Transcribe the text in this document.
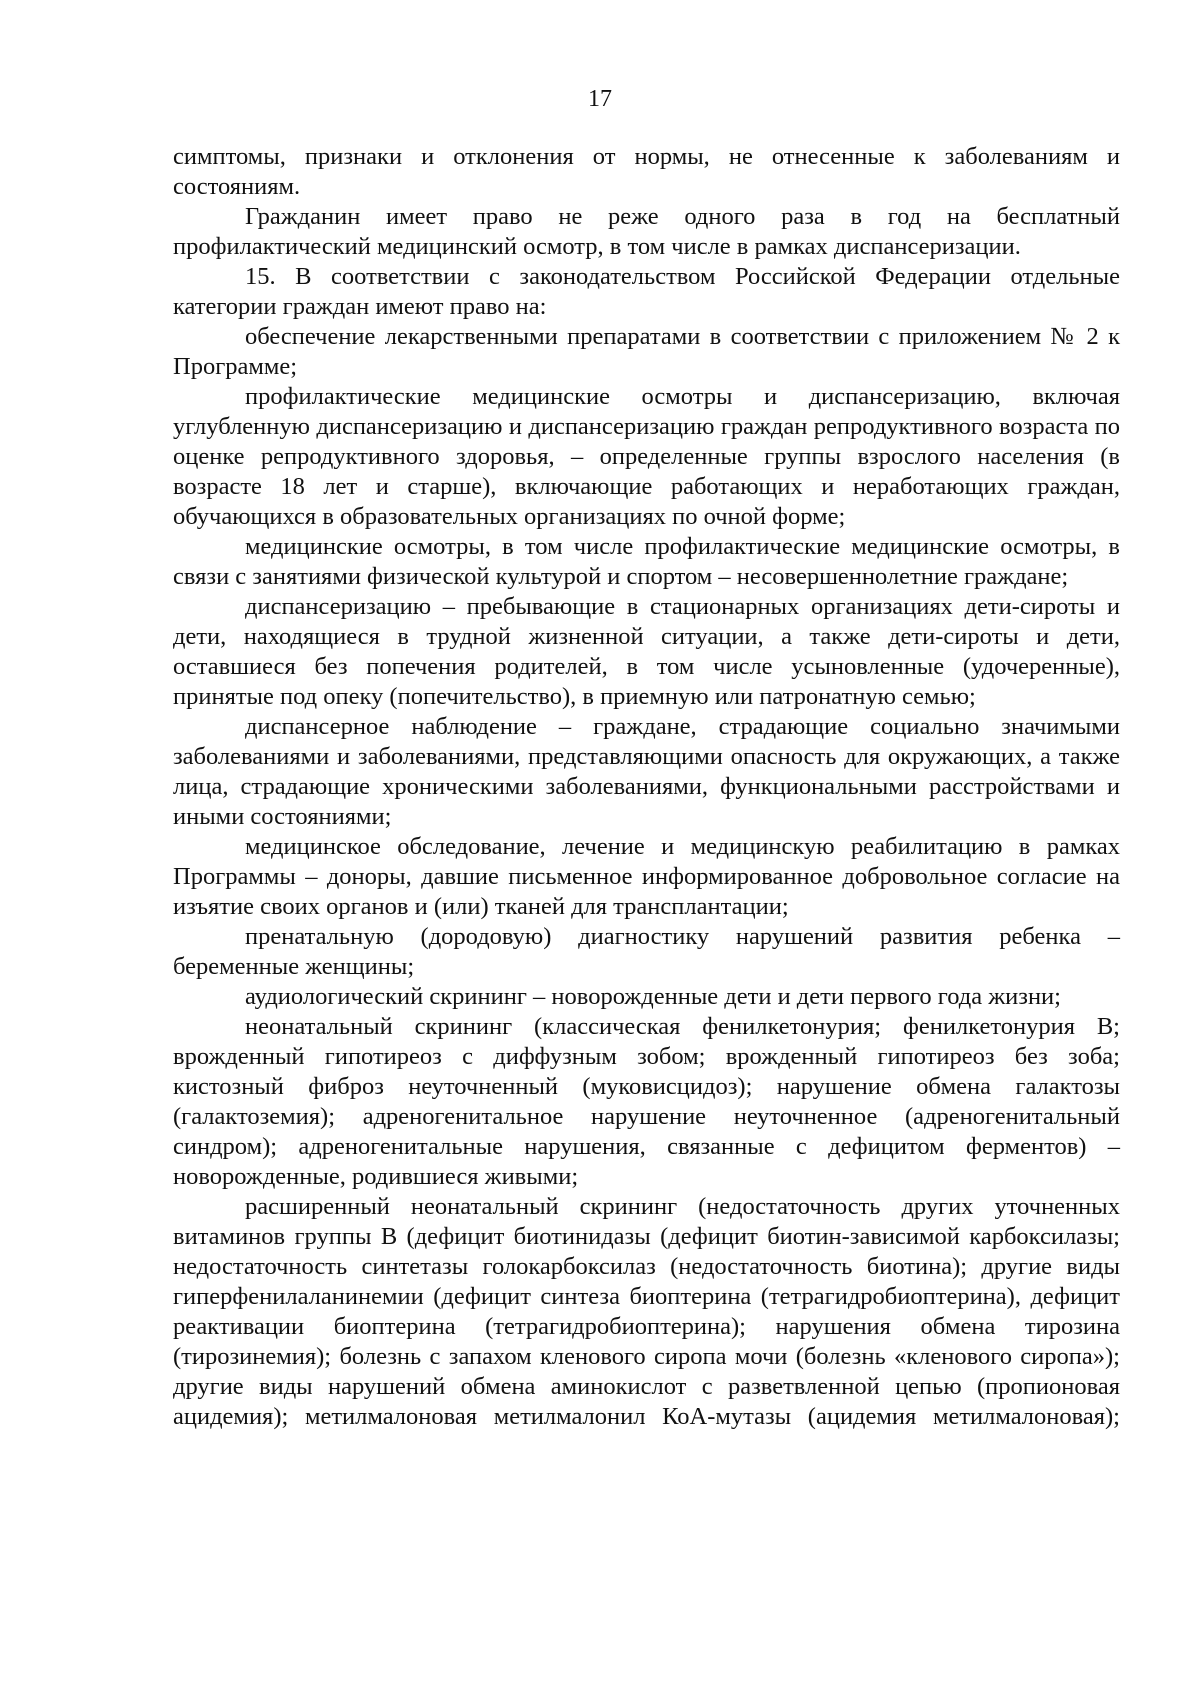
17

симптомы, признаки и отклонения от нормы, не отнесенные к заболеваниям и состояниям.

Гражданин имеет право не реже одного раза в год на бесплатный профилактический медицинский осмотр, в том числе в рамках диспансеризации.

15. В соответствии с законодательством Российской Федерации отдельные категории граждан имеют право на:

обеспечение лекарственными препаратами в соответствии с приложением № 2 к Программе;

профилактические медицинские осмотры и диспансеризацию, включая углубленную диспансеризацию и диспансеризацию граждан репродуктивного возраста по оценке репродуктивного здоровья, – определенные группы взрослого населения (в возрасте 18 лет и старше), включающие работающих и неработающих граждан, обучающихся в образовательных организациях по очной форме;

медицинские осмотры, в том числе профилактические медицинские осмотры, в связи с занятиями физической культурой и спортом – несовершеннолетние граждане;

диспансеризацию – пребывающие в стационарных организациях дети-сироты и дети, находящиеся в трудной жизненной ситуации, а также дети-сироты и дети, оставшиеся без попечения родителей, в том числе усыновленные (удочеренные), принятые под опеку (попечительство), в приемную или патронатную семью;

диспансерное наблюдение – граждане, страдающие социально значимыми заболеваниями и заболеваниями, представляющими опасность для окружающих, а также лица, страдающие хроническими заболеваниями, функциональными расстройствами и иными состояниями;

медицинское обследование, лечение и медицинскую реабилитацию в рамках Программы – доноры, давшие письменное информированное добровольное согласие на изъятие своих органов и (или) тканей для трансплантации;

пренатальную (дородовую) диагностику нарушений развития ребенка – беременные женщины;

аудиологический скрининг – новорожденные дети и дети первого года жизни;

неонатальный скрининг (классическая фенилкетонурия; фенилкетонурия B; врожденный гипотиреоз с диффузным зобом; врожденный гипотиреоз без зоба; кистозный фиброз неуточненный (муковисцидоз); нарушение обмена галактозы (галактоземия); адреногенитальное нарушение неуточненное (адреногенитальный синдром); адреногенитальные нарушения, связанные с дефицитом ферментов) – новорожденные, родившиеся живыми;

расширенный неонатальный скрининг (недостаточность других уточненных витаминов группы B (дефицит биотинидазы (дефицит биотин-зависимой карбоксилазы; недостаточность синтетазы голокарбоксилаз (недостаточность биотина); другие виды гиперфенилаланинемии (дефицит синтеза биоптерина (тетрагидробиоптерина), дефицит реактивации биоптерина (тетрагидробиоптерина); нарушения обмена тирозина (тирозинемия); болезнь с запахом кленового сиропа мочи (болезнь «кленового сиропа»); другие виды нарушений обмена аминокислот с разветвленной цепью (пропионовая ацидемия); метилмалоновая метилмалонил КоА-мутазы (ацидемия метилмалоновая);
